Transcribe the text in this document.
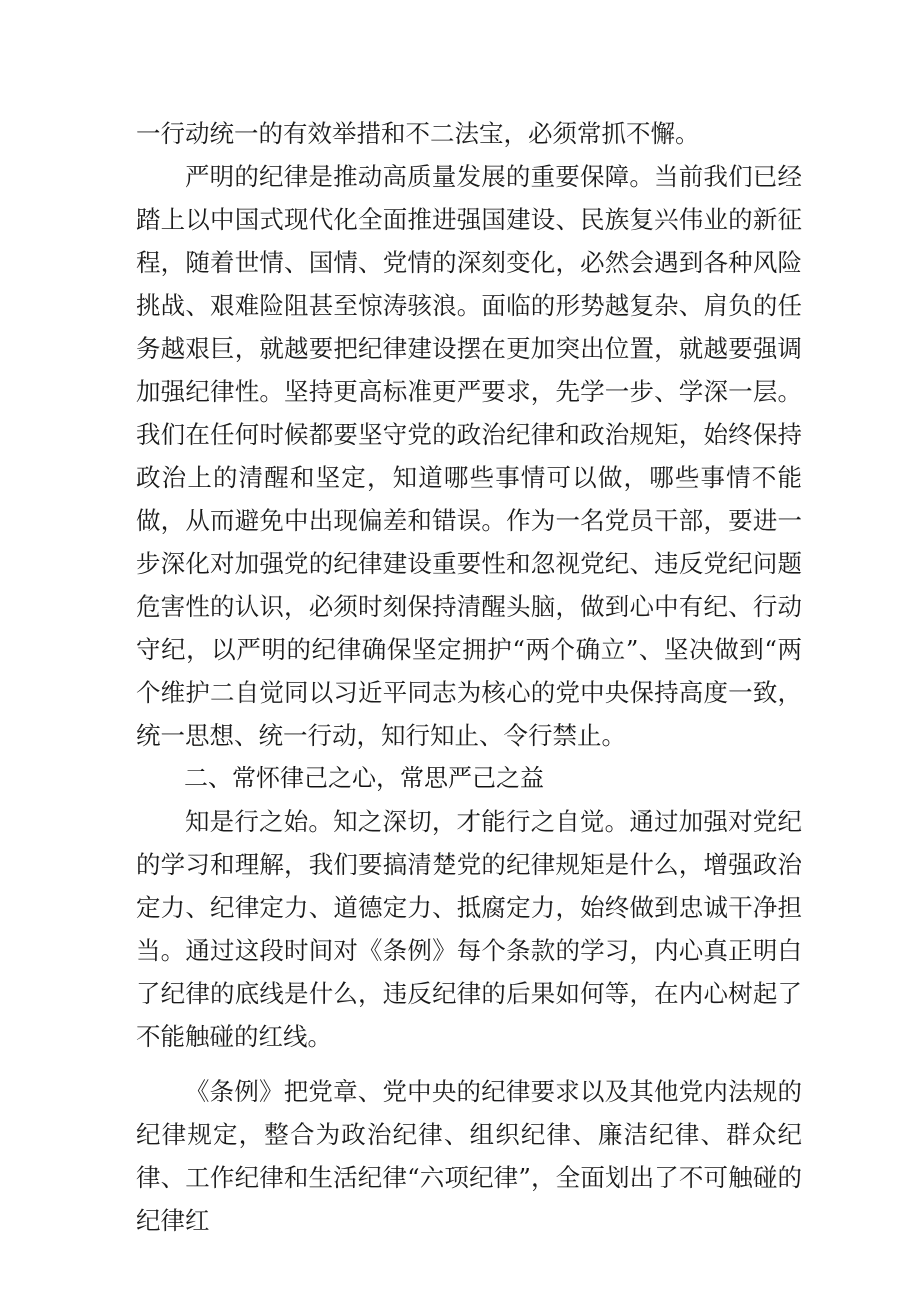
一行动统一的有效举措和不二法宝，必须常抓不懈。

严明的纪律是推动高质量发展的重要保障。当前我们已经踏上以中国式现代化全面推进强国建设、民族复兴伟业的新征程，随着世情、国情、党情的深刻变化，必然会遇到各种风险挑战、艰难险阻甚至惊涛骇浪。面临的形势越复杂、肩负的任务越艰巨，就越要把纪律建设摆在更加突出位置，就越要强调加强纪律性。坚持更高标准更严要求，先学一步、学深一层。我们在任何时候都要坚守党的政治纪律和政治规矩，始终保持政治上的清醒和坚定，知道哪些事情可以做，哪些事情不能做，从而避免中出现偏差和错误。作为一名党员干部，要进一步深化对加强党的纪律建设重要性和忽视党纪、违反党纪问题危害性的认识，必须时刻保持清醒头脑，做到心中有纪、行动守纪，以严明的纪律确保坚定拥护“两个确立”、坚决做到“两个维护二自觉同以习近平同志为核心的党中央保持高度一致，统一思想、统一行动，知行知止、令行禁止。

二、常怀律己之心，常思严己之益

知是行之始。知之深切，才能行之自觉。通过加强对党纪的学习和理解，我们要搞清楚党的纪律规矩是什么，增强政治定力、纪律定力、道德定力、抵腐定力，始终做到忠诚干净担当。通过这段时间对《条例》每个条款的学习，内心真正明白了纪律的底线是什么，违反纪律的后果如何等，在内心树起了不能触碰的红线。

《条例》把党章、党中央的纪律要求以及其他党内法规的纪律规定，整合为政治纪律、组织纪律、廉洁纪律、群众纪律、工作纪律和生活纪律“六项纪律”，全面划出了不可触碰的纪律红
